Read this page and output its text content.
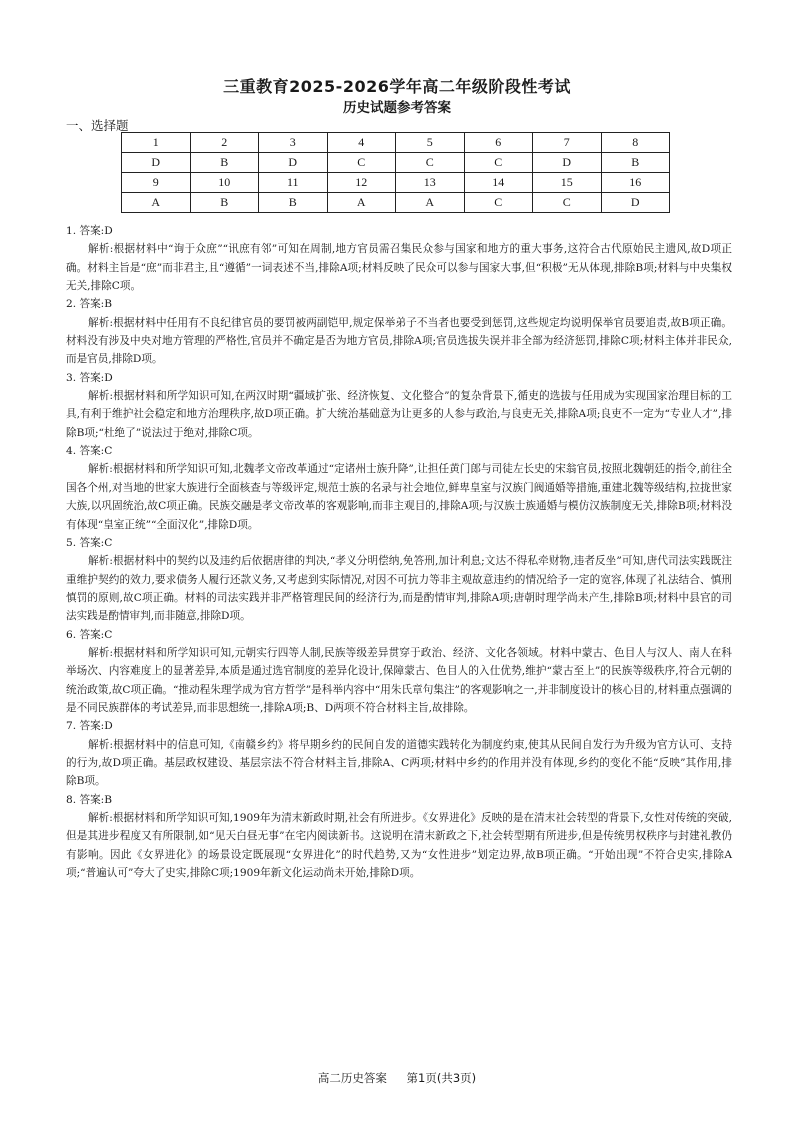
三重教育2025-2026学年高二年级阶段性考试
历史试题参考答案
一、选择题
1	2	3	4	5	6	7	8
D	B	D	C	C	C	D	B
9	10	11	12	13	14	15	16
A	B	B	A	A	C	C	D
1. 答案:D

解析:根据材料中“询于众庶”“讯庶有邻”可知在周制,地方官员需召集民众参与国家和地方的重大事务,这符合古代原始民主遗风,故D项正确。材料主旨是“庶”而非君主,且“遵循”一词表述不当,排除A项;材料反映了民众可以参与国家大事,但“积极”无从体现,排除B项;材料与中央集权无关,排除C项。

2. 答案:B

解析:根据材料中任用有不良纪律官员的要罚被两副铠甲,规定保举弟子不当者也要受到惩罚,这些规定均说明保举官员要追责,故B项正确。材料没有涉及中央对地方管理的严格性,官员并不确定是否为地方官员,排除A项;官员选拔失误并非全部为经济惩罚,排除C项;材料主体并非民众,而是官员,排除D项。

3. 答案:D

解析:根据材料和所学知识可知,在两汉时期“疆域扩张、经济恢复、文化整合”的复杂背景下,循吏的选拔与任用成为实现国家治理目标的工具,有利于维护社会稳定和地方治理秩序,故D项正确。扩大统治基础意为让更多的人参与政治,与良吏无关,排除A项;良吏不一定为“专业人才”,排除B项;“杜绝了”说法过于绝对,排除C项。

4. 答案:C

解析:根据材料和所学知识可知,北魏孝文帝改革通过“定诸州士族升降”,让担任黄门郎与司徒左长史的宋翁官员,按照北魏朝廷的指令,前往全国各个州,对当地的世家大族进行全面核查与等级评定,规范士族的名录与社会地位,鲜卑皇室与汉族门阀通婚等措施,重建北魏等级结构,拉拢世家大族,以巩固统治,故C项正确。民族交融是孝文帝改革的客观影响,而非主观目的,排除A项;与汉族士族通婚与模仿汉族制度无关,排除B项;材料没有体现“皇室正统”“全面汉化”,排除D项。

5. 答案:C

解析:根据材料中的契约以及违约后依据唐律的判决,“孝义分明偿纳,免答刑,加计利息;文达不得私牵财物,违者反坐”可知,唐代司法实践既注重维护契约的效力,要求债务人履行还款义务,又考虑到实际情况,对因不可抗力等非主观故意违约的情况给予一定的宽容,体现了礼法结合、慎刑慎罚的原则,故C项正确。材料的司法实践并非严格管理民间的经济行为,而是酌情审判,排除A项;唐朝时理学尚未产生,排除B项;材料中县官的司法实践是酌情审判,而非随意,排除D项。

6. 答案:C

解析:根据材料和所学知识可知,元朝实行四等人制,民族等级差异贯穿于政治、经济、文化各领域。材料中蒙古、色目人与汉人、南人在科举场次、内容难度上的显著差异,本质是通过选官制度的差异化设计,保障蒙古、色目人的入仕优势,维护“蒙古至上”的民族等级秩序,符合元朝的统治政策,故C项正确。“推动程朱理学成为官方哲学”是科举内容中“用朱氏章句集注”的客观影响之一,并非制度设计的核心目的,材料重点强调的是不同民族群体的考试差异,而非思想统一,排除A项;B、D两项不符合材料主旨,故排除。

7. 答案:D

解析:根据材料中的信息可知,《南赣乡约》将早期乡约的民间自发的道德实践转化为制度约束,使其从民间自发行为升级为官方认可、支持的行为,故D项正确。基层政权建设、基层宗法不符合材料主旨,排除A、C两项;材料中乡约的作用并没有体现,乡约的变化不能“反映”其作用,排除B项。

8. 答案:B

解析:根据材料和所学知识可知,1909年为清末新政时期,社会有所进步。《女界进化》反映的是在清末社会转型的背景下,女性对传统的突破,但是其进步程度又有所限制,如“见天白昼无事”在宅内阅读新书。这说明在清末新政之下,社会转型期有所进步,但是传统男权秩序与封建礼教仍有影响。因此《女界进化》的场景设定既展现“女界进化”的时代趋势,又为“女性进步”划定边界,故B项正确。“开始出现”不符合史实,排除A项;“普遍认可”夸大了史实,排除C项;1909年新文化运动尚未开始,排除D项。

高二历史答案 第1页(共3页)
